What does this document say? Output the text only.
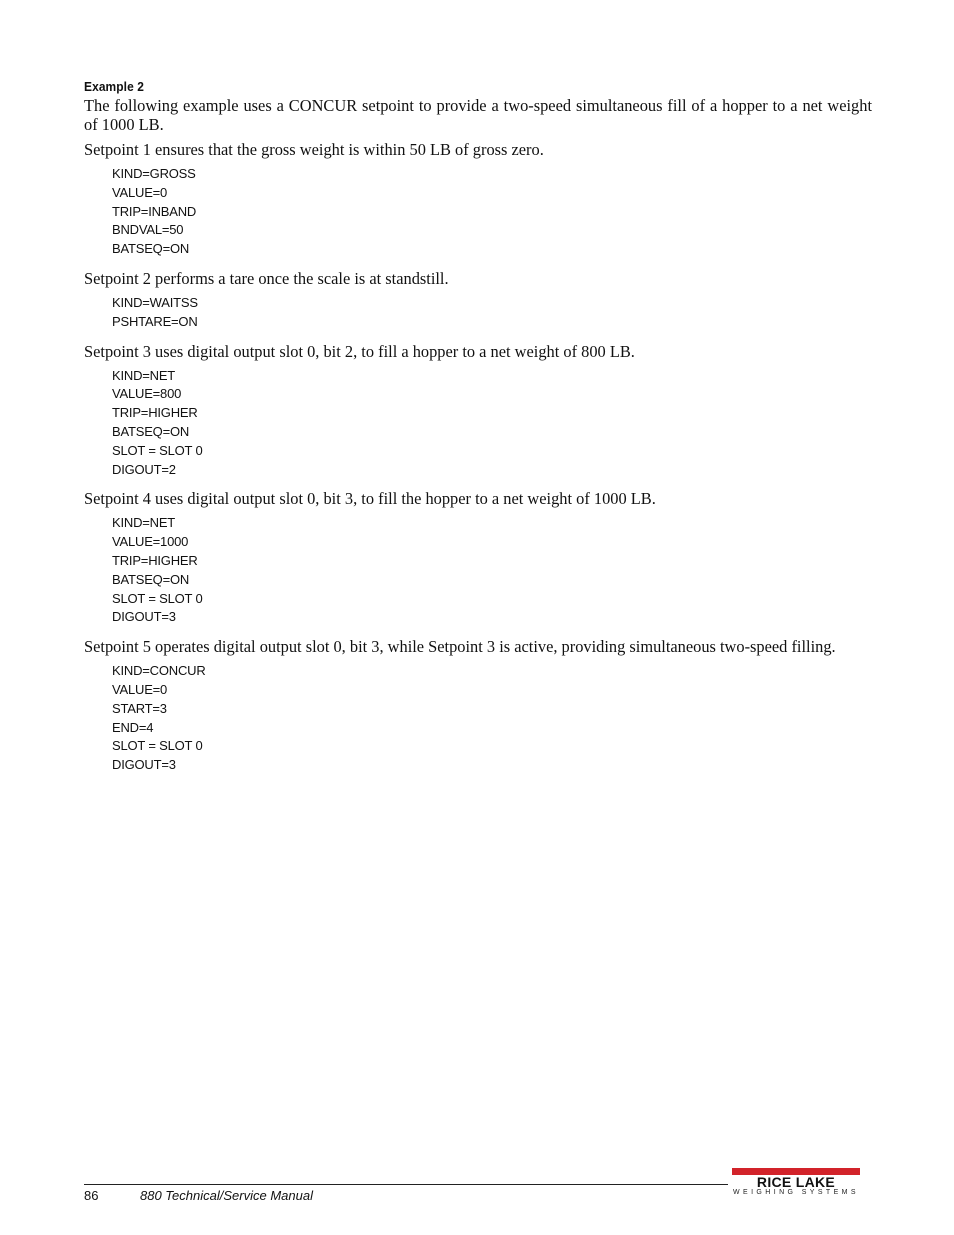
Example 2

The following example uses a CONCUR setpoint to provide a two-speed simultaneous fill of a hopper to a net weight of 1000 LB.

Setpoint 1 ensures that the gross weight is within 50 LB of gross zero.

KIND=GROSS
VALUE=0
TRIP=INBAND
BNDVAL=50
BATSEQ=ON

Setpoint 2 performs a tare once the scale is at standstill.

KIND=WAITSS
PSHTARE=ON

Setpoint 3 uses digital output slot 0, bit 2, to fill a hopper to a net weight of 800 LB.

KIND=NET
VALUE=800
TRIP=HIGHER
BATSEQ=ON
SLOT = SLOT 0
DIGOUT=2

Setpoint 4 uses digital output slot 0, bit 3, to fill the hopper to a net weight of 1000 LB.

KIND=NET
VALUE=1000
TRIP=HIGHER
BATSEQ=ON
SLOT = SLOT 0
DIGOUT=3

Setpoint 5 operates digital output slot 0, bit 3, while Setpoint 3 is active, providing simultaneous two-speed filling.

KIND=CONCUR
VALUE=0
START=3
END=4
SLOT = SLOT 0
DIGOUT=3
86	880 Technical/Service Manual
RICE LAKE
WEIGHING SYSTEMS
